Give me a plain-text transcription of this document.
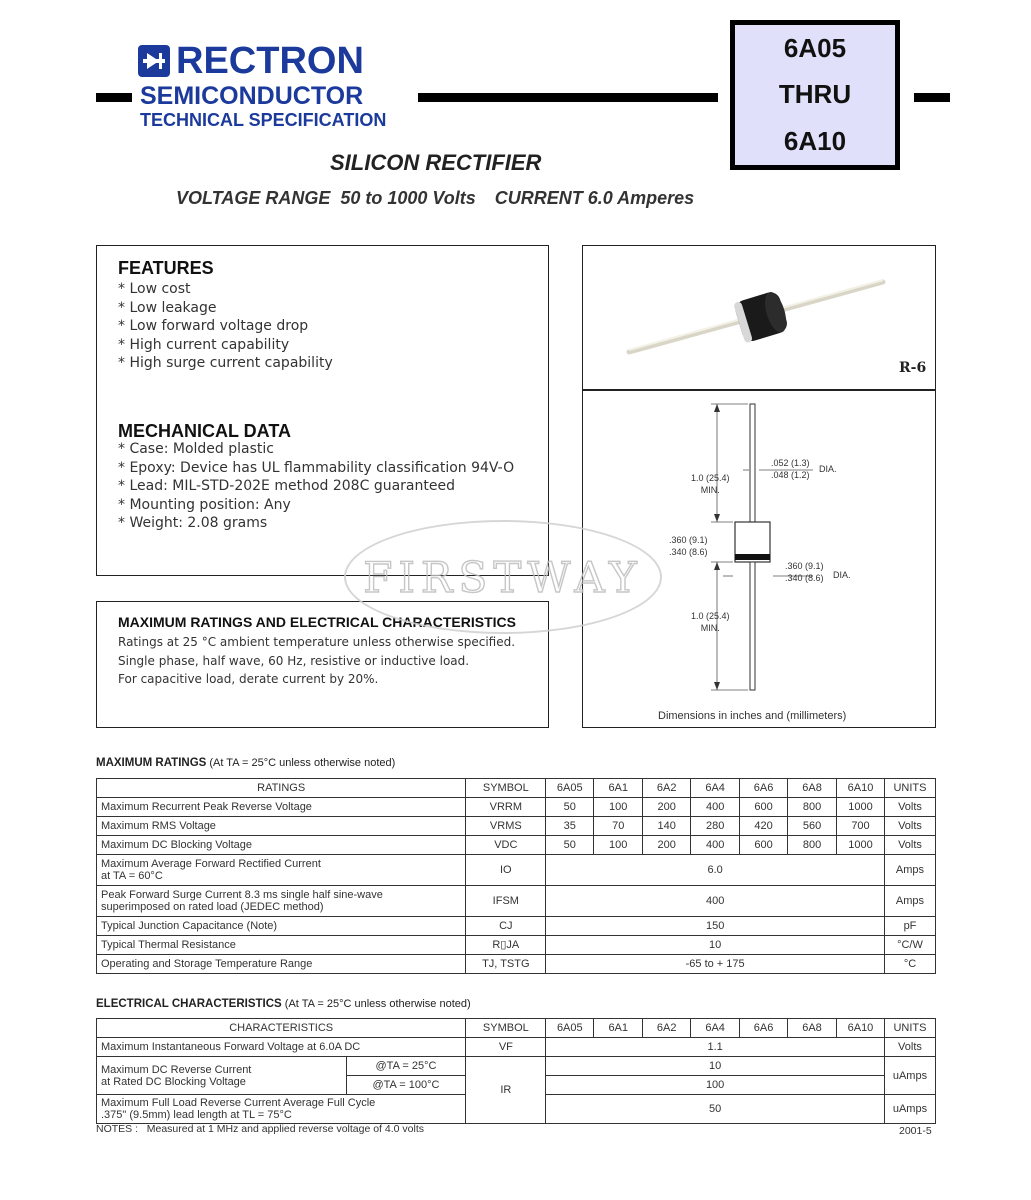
RECTRON
SEMICONDUCTOR
TECHNICAL SPECIFICATION
6A05
THRU
6A10
SILICON RECTIFIER
VOLTAGE RANGE  50 to 1000 Volts CURRENT 6.0 Amperes
FEATURES
* Low cost
* Low leakage
* Low forward voltage drop
* High current capability
* High surge current capability
MECHANICAL DATA
* Case: Molded plastic
* Epoxy: Device has UL flammability classification 94V-O
* Lead: MIL-STD-202E method 208C guaranteed
* Mounting position: Any
* Weight: 2.08 grams
R-6
1.0 (25.4)
MIN.
.052 (1.3)
.048 (1.2)
DIA.
.360 (9.1)
.340 (8.6)
.360 (9.1)
.340 (8.6) DIA.
1.0 (25.4)
MIN.
Dimensions in inches and (millimeters)
MAXIMUM RATINGS AND ELECTRICAL CHARACTERISTICS
Ratings at 25 °C ambient temperature unless otherwise specified.
Single phase, half wave, 60 Hz, resistive or inductive load.
For capacitive load, derate current by 20%.
FIRSTWAY
MAXIMUM RATINGS (At TA = 25°C unless otherwise noted)
RATINGS	SYMBOL	6A05	6A1	6A2	6A4	6A6	6A8	6A10	UNITS
Maximum Recurrent Peak Reverse Voltage	VRRM	50	100	200	400	600	800	1000	Volts
Maximum RMS Voltage	VRMS	35	70	140	280	420	560	700	Volts
Maximum DC Blocking Voltage	VDC	50	100	200	400	600	800	1000	Volts

Maximum Average Forward Rectified Current
at TA = 60°C	IO	6.0							Amps

Peak Forward Surge Current 8.3 ms single half sine-wave
superimposed on rated load (JEDEC method)	IFSM	400							Amps
Typical Junction Capacitance (Note)	CJ	150							pF
Typical Thermal Resistance	R▯JA	10							°C/W
Operating and Storage Temperature Range	TJ, TSTG	-65 to + 175							°C
ELECTRICAL CHARACTERISTICS (At TA = 25°C unless otherwise noted)
CHARACTERISTICS		SYMBOL	6A05	6A1	6A2	6A4	6A6	6A8	6A10	UNITS
Maximum Instantaneous Forward Voltage at 6.0A DC		VF	1.1							Volts

Maximum DC Reverse Current
at Rated DC Blocking Voltage	@TA = 25°C	IR	10							uAmps
	@TA = 100°C		100							

Maximum Full Load Reverse Current Average Full Cycle
.375" (9.5mm) lead length at TL = 75°C			50							uAmps
NOTES :   Measured at 1 MHz and applied reverse voltage of 4.0 volts	2001-5
